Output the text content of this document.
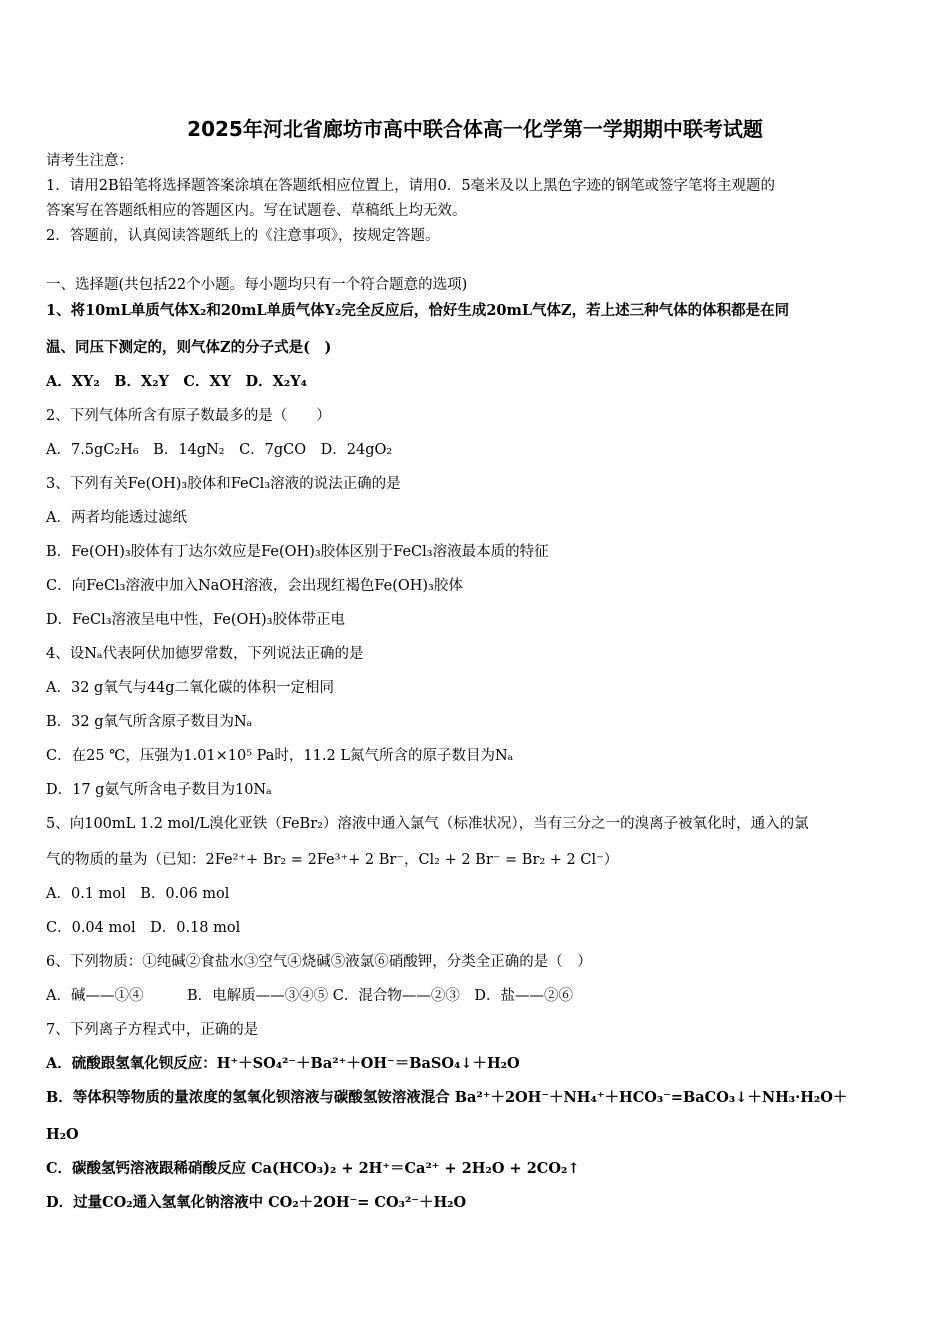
2025年河北省廊坊市高中联合体高一化学第一学期期中联考试题
请考生注意：
1．请用2B铅笔将选择题答案涂填在答题纸相应位置上，请用0．5毫米及以上黑色字迹的钢笔或签字笔将主观题的
答案写在答题纸相应的答题区内。写在试题卷、草稿纸上均无效。
2．答题前，认真阅读答题纸上的《注意事项》，按规定答题。
一、选择题(共包括22个小题。每小题均只有一个符合题意的选项)
1、将10mL单质气体X₂和20mL单质气体Y₂完全反应后，恰好生成20mL气体Z，若上述三种气体的体积都是在同
温、同压下测定的，则气体Z的分子式是(　)
A．XY₂　B．X₂Y　C．XY　D．X₂Y₄
2、下列气体所含有原子数最多的是（　　）
A．7.5gC₂H₆　B．14gN₂　C．7gCO　D．24gO₂
3、下列有关Fe(OH)₃胶体和FeCl₃溶液的说法正确的是
A．两者均能透过滤纸
B．Fe(OH)₃胶体有丁达尔效应是Fe(OH)₃胶体区别于FeCl₃溶液最本质的特征
C．向FeCl₃溶液中加入NaOH溶液，会出现红褐色Fe(OH)₃胶体
D．FeCl₃溶液呈电中性，Fe(OH)₃胶体带正电
4、设Nₐ代表阿伏加德罗常数，下列说法正确的是
A．32 g氧气与44g二氧化碳的体积一定相同
B．32 g氧气所含原子数目为Nₐ
C．在25 ℃，压强为1.01×10⁵ Pa时，11.2 L氮气所含的原子数目为Nₐ
D．17 g氨气所含电子数目为10Nₐ
5、向100mL 1.2 mol/L溴化亚铁（FeBr₂）溶液中通入氯气（标准状况），当有三分之一的溴离子被氧化时，通入的氯
气的物质的量为（已知：2Fe²⁺+ Br₂ = 2Fe³⁺+ 2 Br⁻，Cl₂ + 2 Br⁻ = Br₂ + 2 Cl⁻）
A．0.1 mol　B．0.06 mol
C．0.04 mol　D．0.18 mol
6、下列物质：①纯碱②食盐水③空气④烧碱⑤液氯⑥硝酸钾，分类全正确的是（　）
A．碱——①④　　　B．电解质——③④⑤ C．混合物——②③　D．盐——②⑥
7、下列离子方程式中，正确的是
A．硫酸跟氢氧化钡反应：H⁺＋SO₄²⁻＋Ba²⁺＋OH⁻＝BaSO₄↓＋H₂O
B．等体积等物质的量浓度的氢氧化钡溶液与碳酸氢铵溶液混合 Ba²⁺＋2OH⁻＋NH₄⁺＋HCO₃⁻=BaCO₃↓＋NH₃·H₂O＋
H₂O
C．碳酸氢钙溶液跟稀硝酸反应 Ca(HCO₃)₂ + 2H⁺＝Ca²⁺ + 2H₂O + 2CO₂↑
D．过量CO₂通入氢氧化钠溶液中 CO₂＋2OH⁻= CO₃²⁻＋H₂O
